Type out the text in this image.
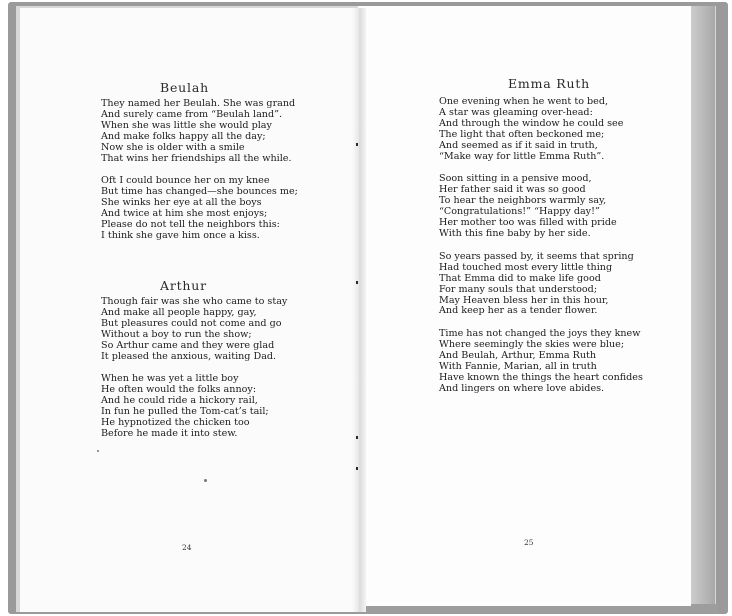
Beulah
They named her Beulah. She was grand
And surely came from “Beulah land”.
When she was little she would play
And make folks happy all the day;
Now she is older with a smile
That wins her friendships all the while.
Oft I could bounce her on my knee
But time has changed—she bounces me;
She winks her eye at all the boys
And twice at him she most enjoys;
Please do not tell the neighbors this:
I think she gave him once a kiss.
Arthur
Though fair was she who came to stay
And make all people happy, gay,
But pleasures could not come and go
Without a boy to run the show;
So Arthur came and they were glad
It pleased the anxious, waiting Dad.
When he was yet a little boy
He often would the folks annoy:
And he could ride a hickory rail,
In fun he pulled the Tom-cat’s tail;
He hypnotized the chicken too
Before he made it into stew.
24
Emma Ruth
One evening when he went to bed,
A star was gleaming over-head:
And through the window he could see
The light that often beckoned me;
And seemed as if it said in truth,
“Make way for little Emma Ruth”.
Soon sitting in a pensive mood,
Her father said it was so good
To hear the neighbors warmly say,
“Congratulations!” “Happy day!”
Her mother too was filled with pride
With this fine baby by her side.
So years passed by, it seems that spring
Had touched most every little thing
That Emma did to make life good
For many souls that understood;
May Heaven bless her in this hour,
And keep her as a tender flower.
Time has not changed the joys they knew
Where seemingly the skies were blue;
And Beulah, Arthur, Emma Ruth
With Fannie, Marian, all in truth
Have known the things the heart confides
And lingers on where love abides.
25
